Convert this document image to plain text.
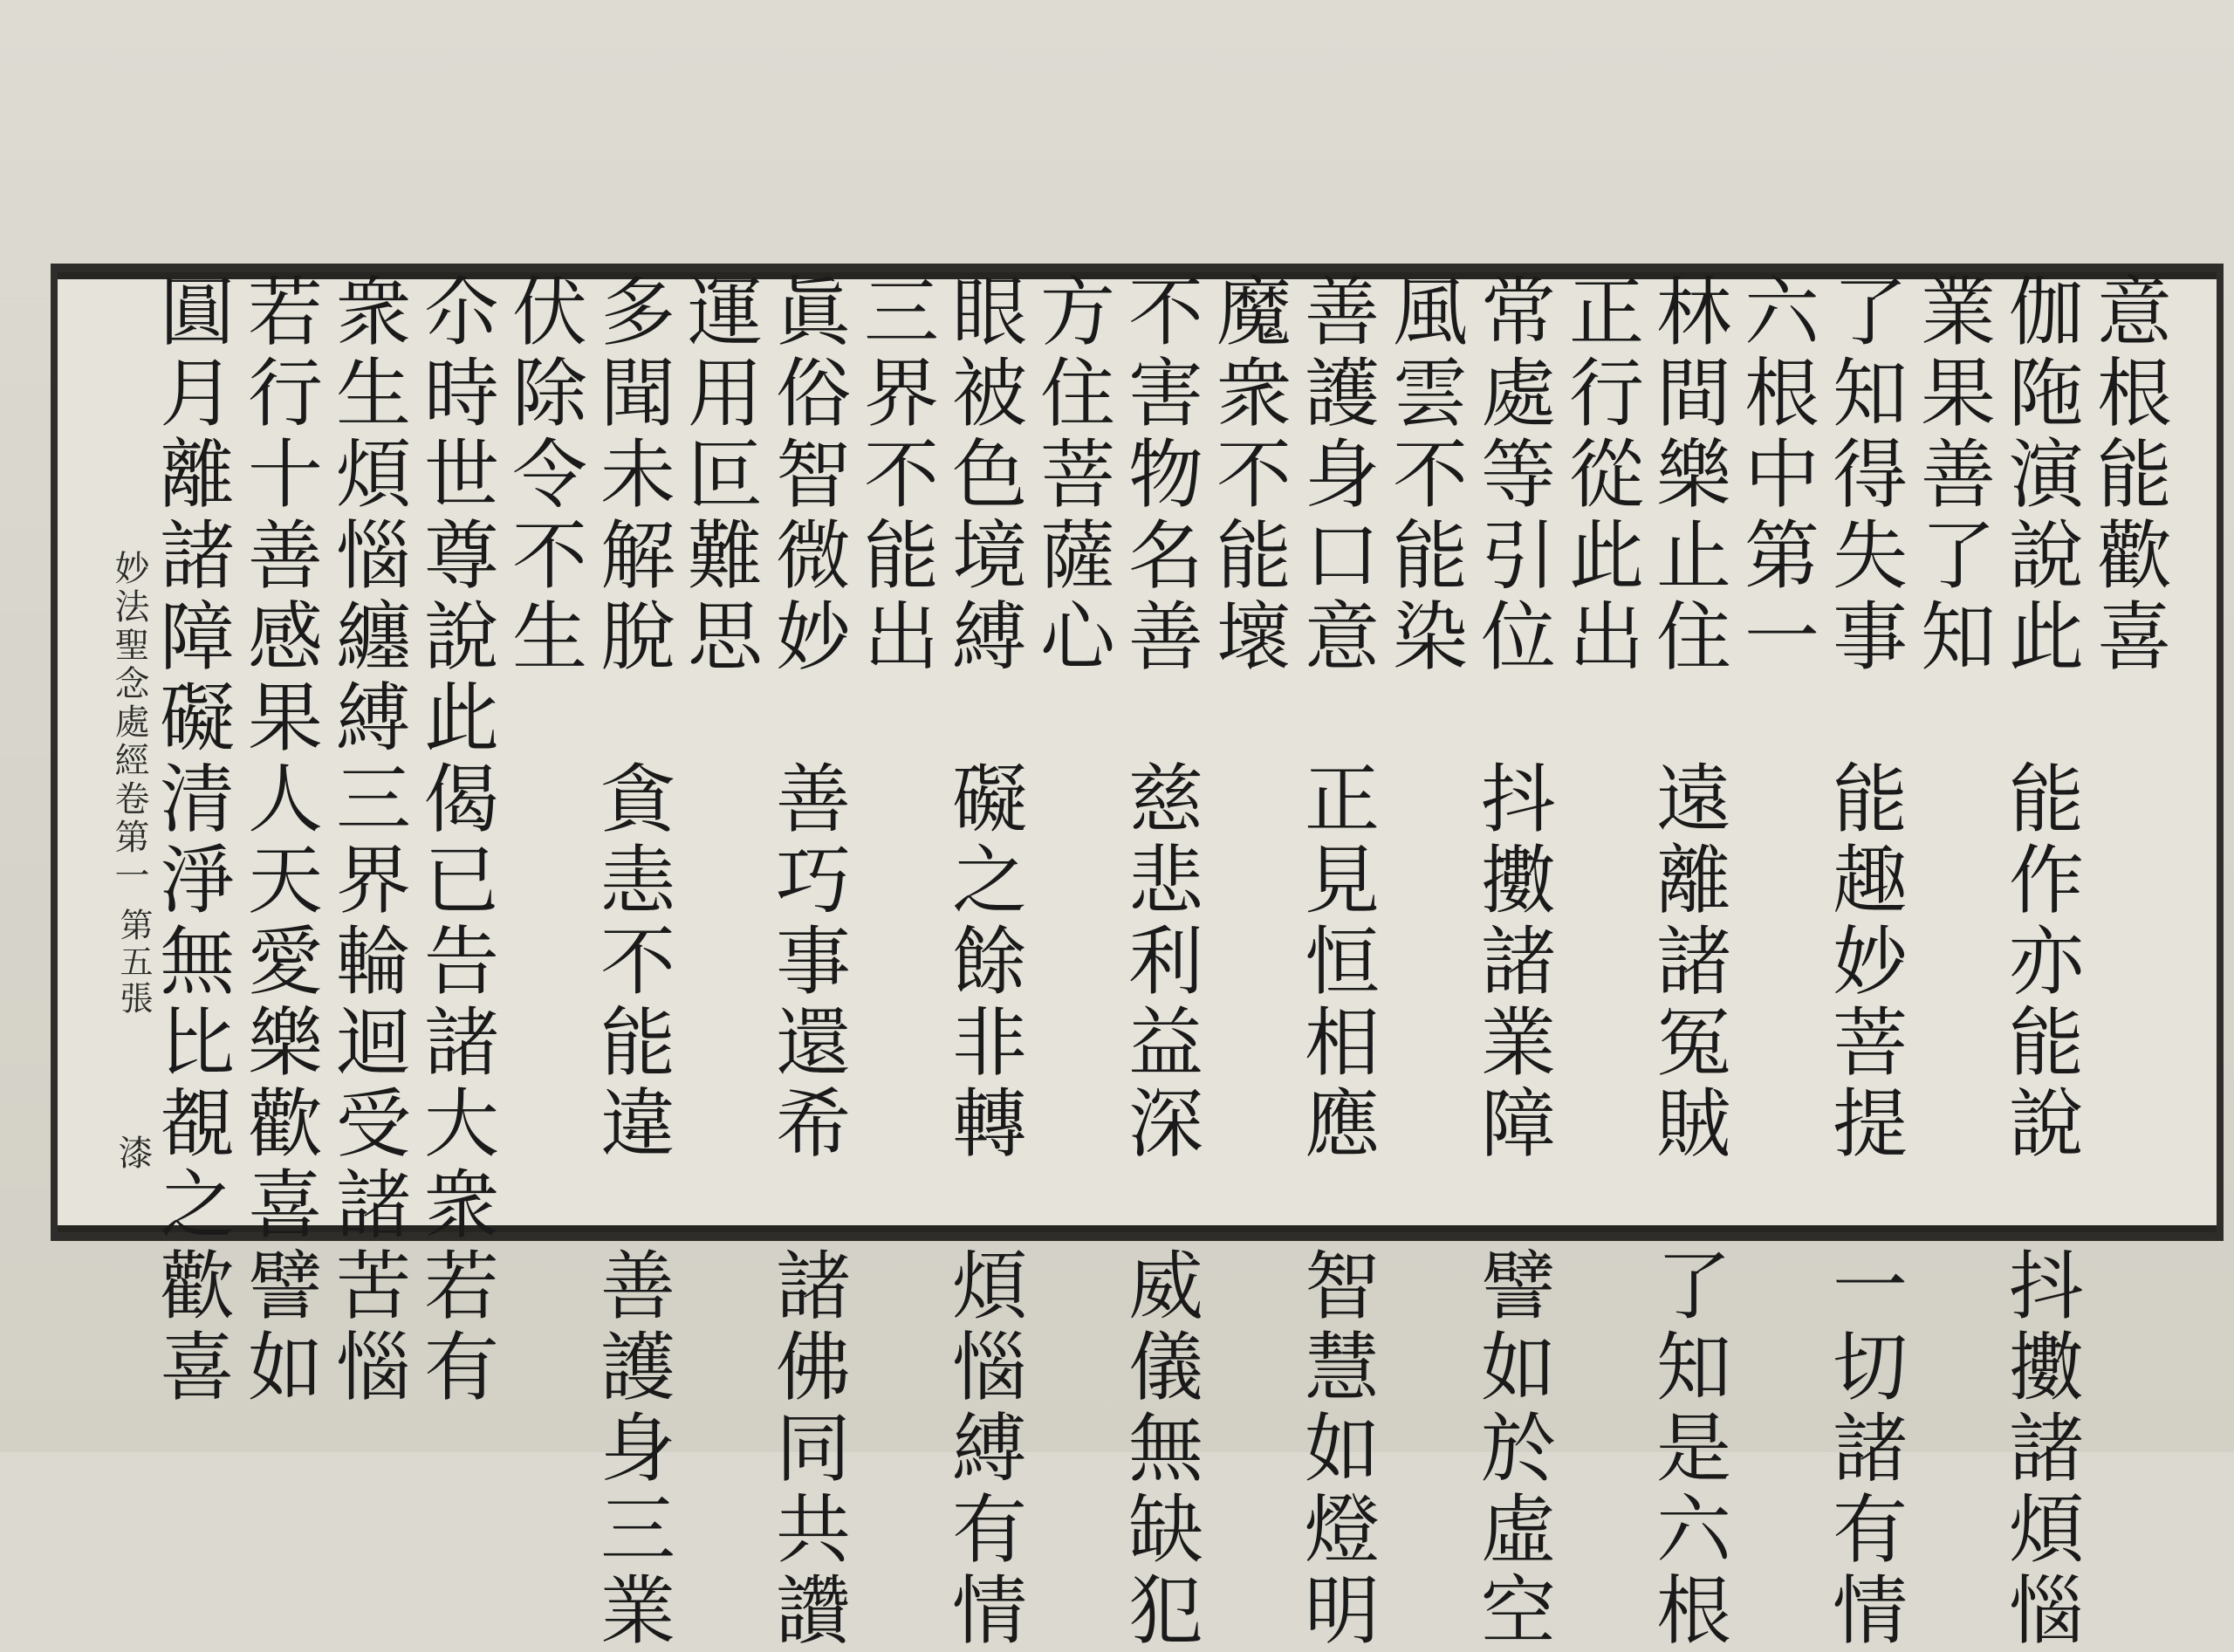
意根能歡喜
伽陁演說此　能作亦能說　抖擻諸煩惱
業果善了知
了知得失事　能趣妙菩提　一切諸有情
六根中第一
林間樂止住　遠離諸冤賊　了知是六根
正行從此出
常處等引位　抖擻諸業障　譬如於虛空
風雲不能染
善護身口意　正見恒相應　智慧如燈明
魔衆不能壞
不害物名善　慈悲利益深　威儀無缺犯
方住菩薩心
眼被色境縛　礙之餘非轉　煩惱縛有情
三界不能出
眞俗智微妙　善巧事還希　諸佛同共讚
運用叵難思
多聞未解脫　貪恚不能違　善護身三業
伏除令不生
尒時世尊說此偈已告諸大衆若有
衆生煩惱纏縛三界輪迴受諸苦惱
若行十善感果人天愛樂歡喜譬如
圓月離諸障礙清淨無比覩之歡喜
妙法聖念處經卷第一
第五張
漆
